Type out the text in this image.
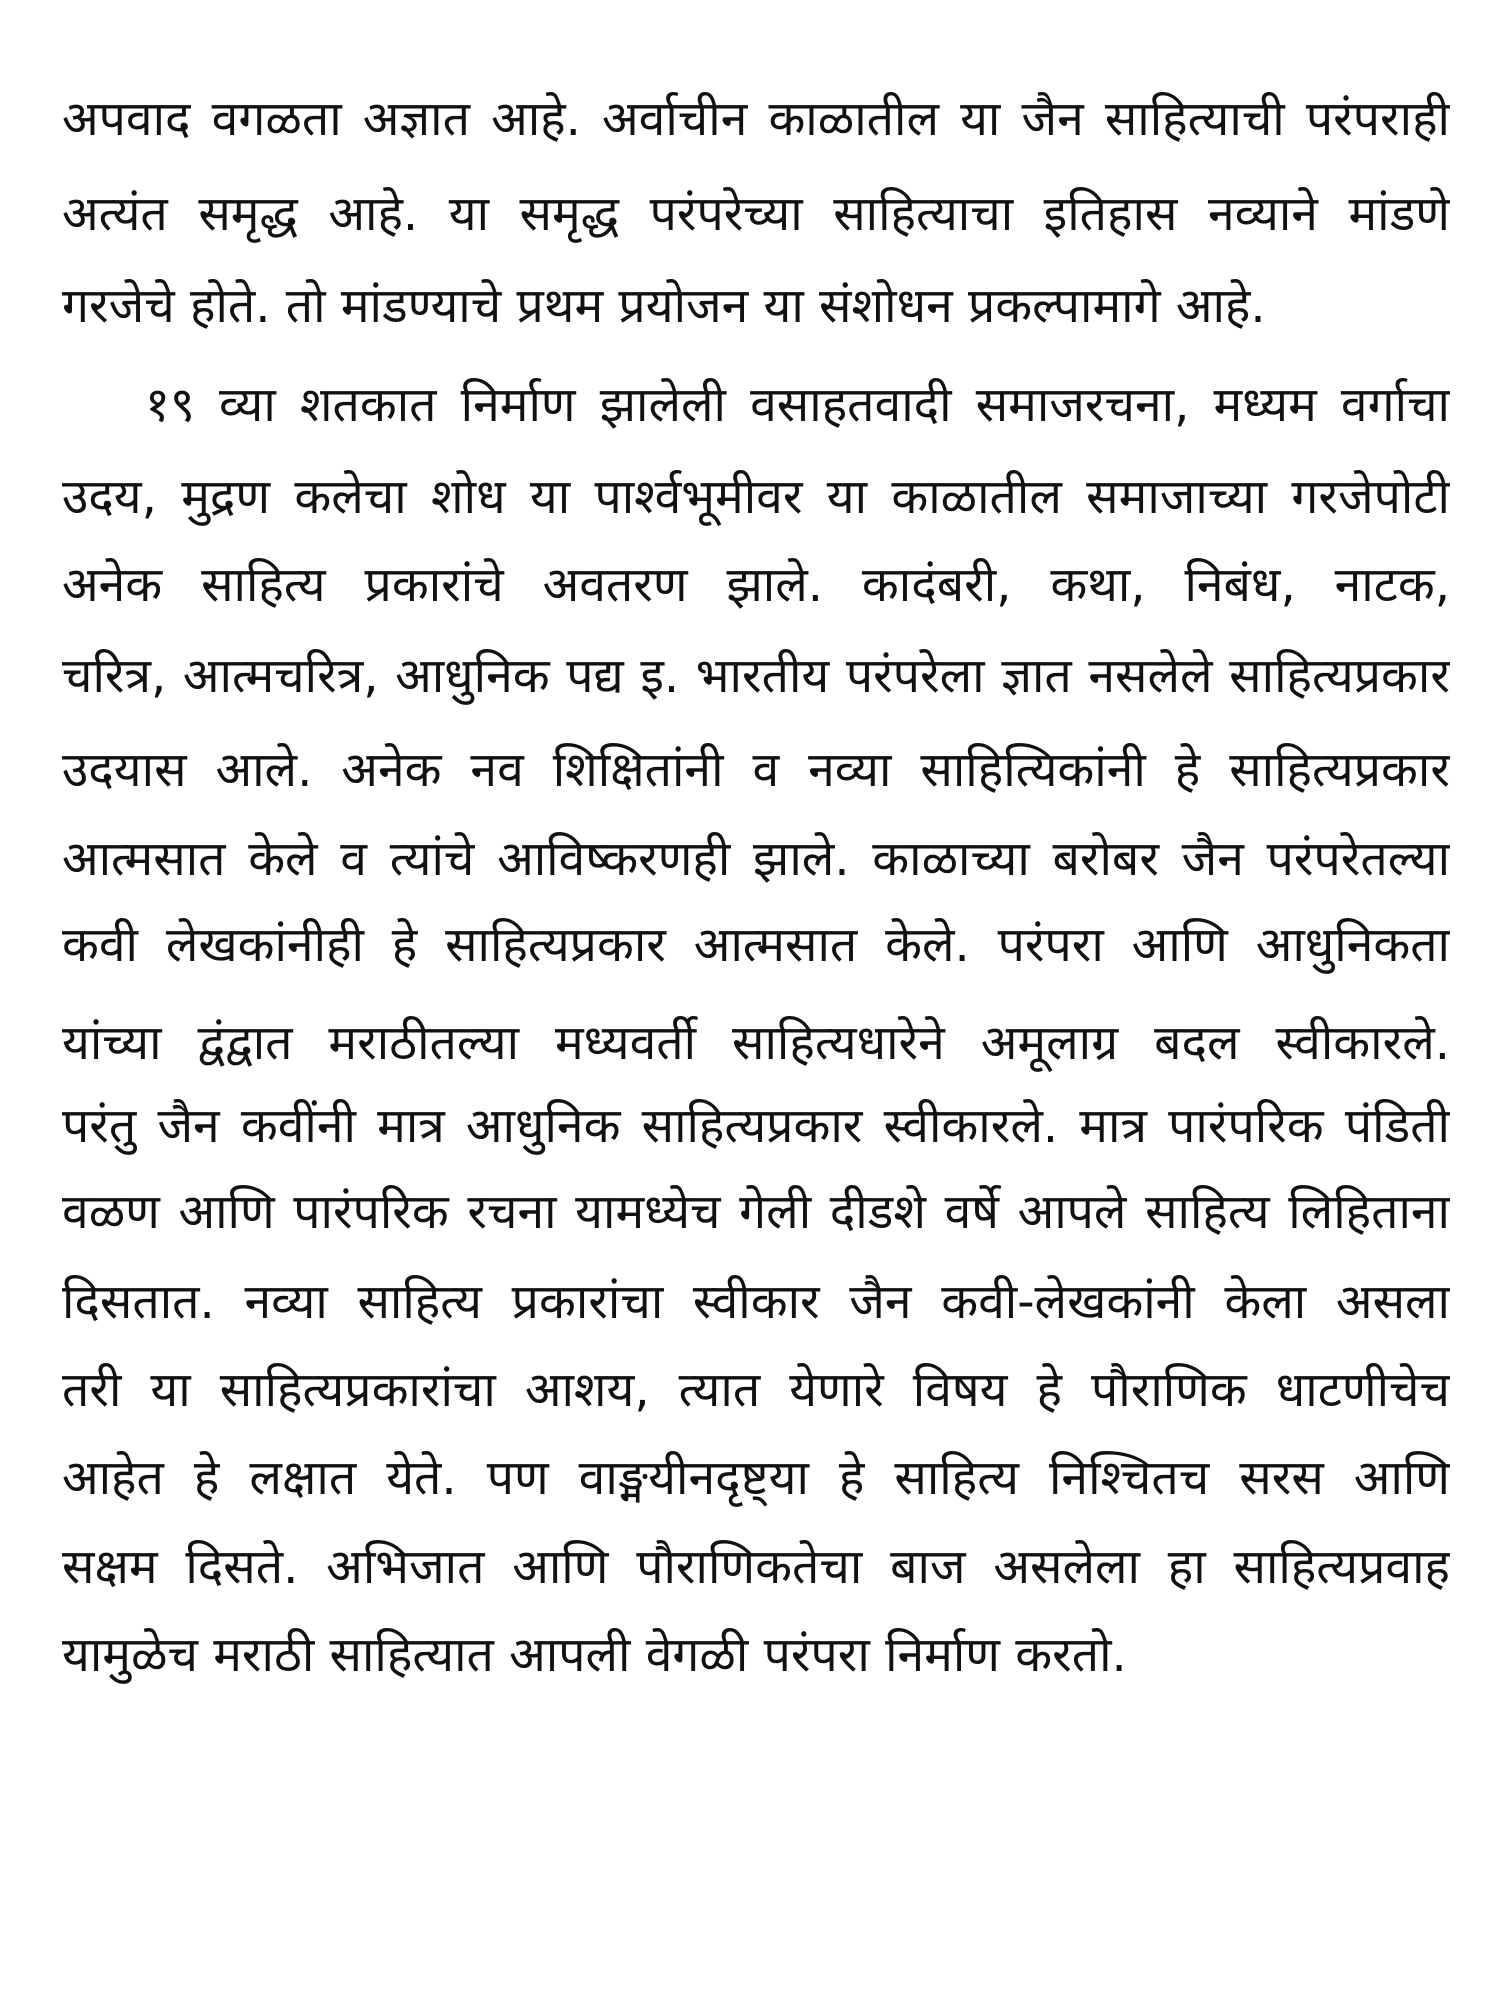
अपवाद वगळता अज्ञात आहे. अर्वाचीन काळातील या जैन साहित्याची परंपराही
अत्यंत समृद्ध आहे. या समृद्ध परंपरेच्या साहित्याचा इतिहास नव्याने मांडणे
गरजेचे होते. तो मांडण्याचे प्रथम प्रयोजन या संशोधन प्रकल्पामागे आहे.
१९ व्या शतकात निर्माण झालेली वसाहतवादी समाजरचना, मध्यम वर्गाचा
उदय, मुद्रण कलेचा शोध या पार्श्वभूमीवर या काळातील समाजाच्या गरजेपोटी
अनेक साहित्य प्रकारांचे अवतरण झाले. कादंबरी, कथा, निबंध, नाटक,
चरित्र, आत्मचरित्र, आधुनिक पद्य इ. भारतीय परंपरेला ज्ञात नसलेले साहित्यप्रकार
उदयास आले. अनेक नव शिक्षितांनी व नव्या साहित्यिकांनी हे साहित्यप्रकार
आत्मसात केले व त्यांचे आविष्करणही झाले. काळाच्या बरोबर जैन परंपरेतल्या
कवी लेखकांनीही हे साहित्यप्रकार आत्मसात केले. परंपरा आणि आधुनिकता
यांच्या द्वंद्वात मराठीतल्या मध्यवर्ती साहित्यधारेने अमूलाग्र बदल स्वीकारले.
परंतु जैन कवींनी मात्र आधुनिक साहित्यप्रकार स्वीकारले. मात्र पारंपरिक पंडिती
वळण आणि पारंपरिक रचना यामध्येच गेली दीडशे वर्षे आपले साहित्य लिहिताना
दिसतात. नव्या साहित्य प्रकारांचा स्वीकार जैन कवी-लेखकांनी केला असला
तरी या साहित्यप्रकारांचा आशय, त्यात येणारे विषय हे पौराणिक धाटणीचेच
आहेत हे लक्षात येते. पण वाङ्मयीनदृष्ट्या हे साहित्य निश्चितच सरस आणि
सक्षम दिसते. अभिजात आणि पौराणिकतेचा बाज असलेला हा साहित्यप्रवाह
यामुळेच मराठी साहित्यात आपली वेगळी परंपरा निर्माण करतो.
